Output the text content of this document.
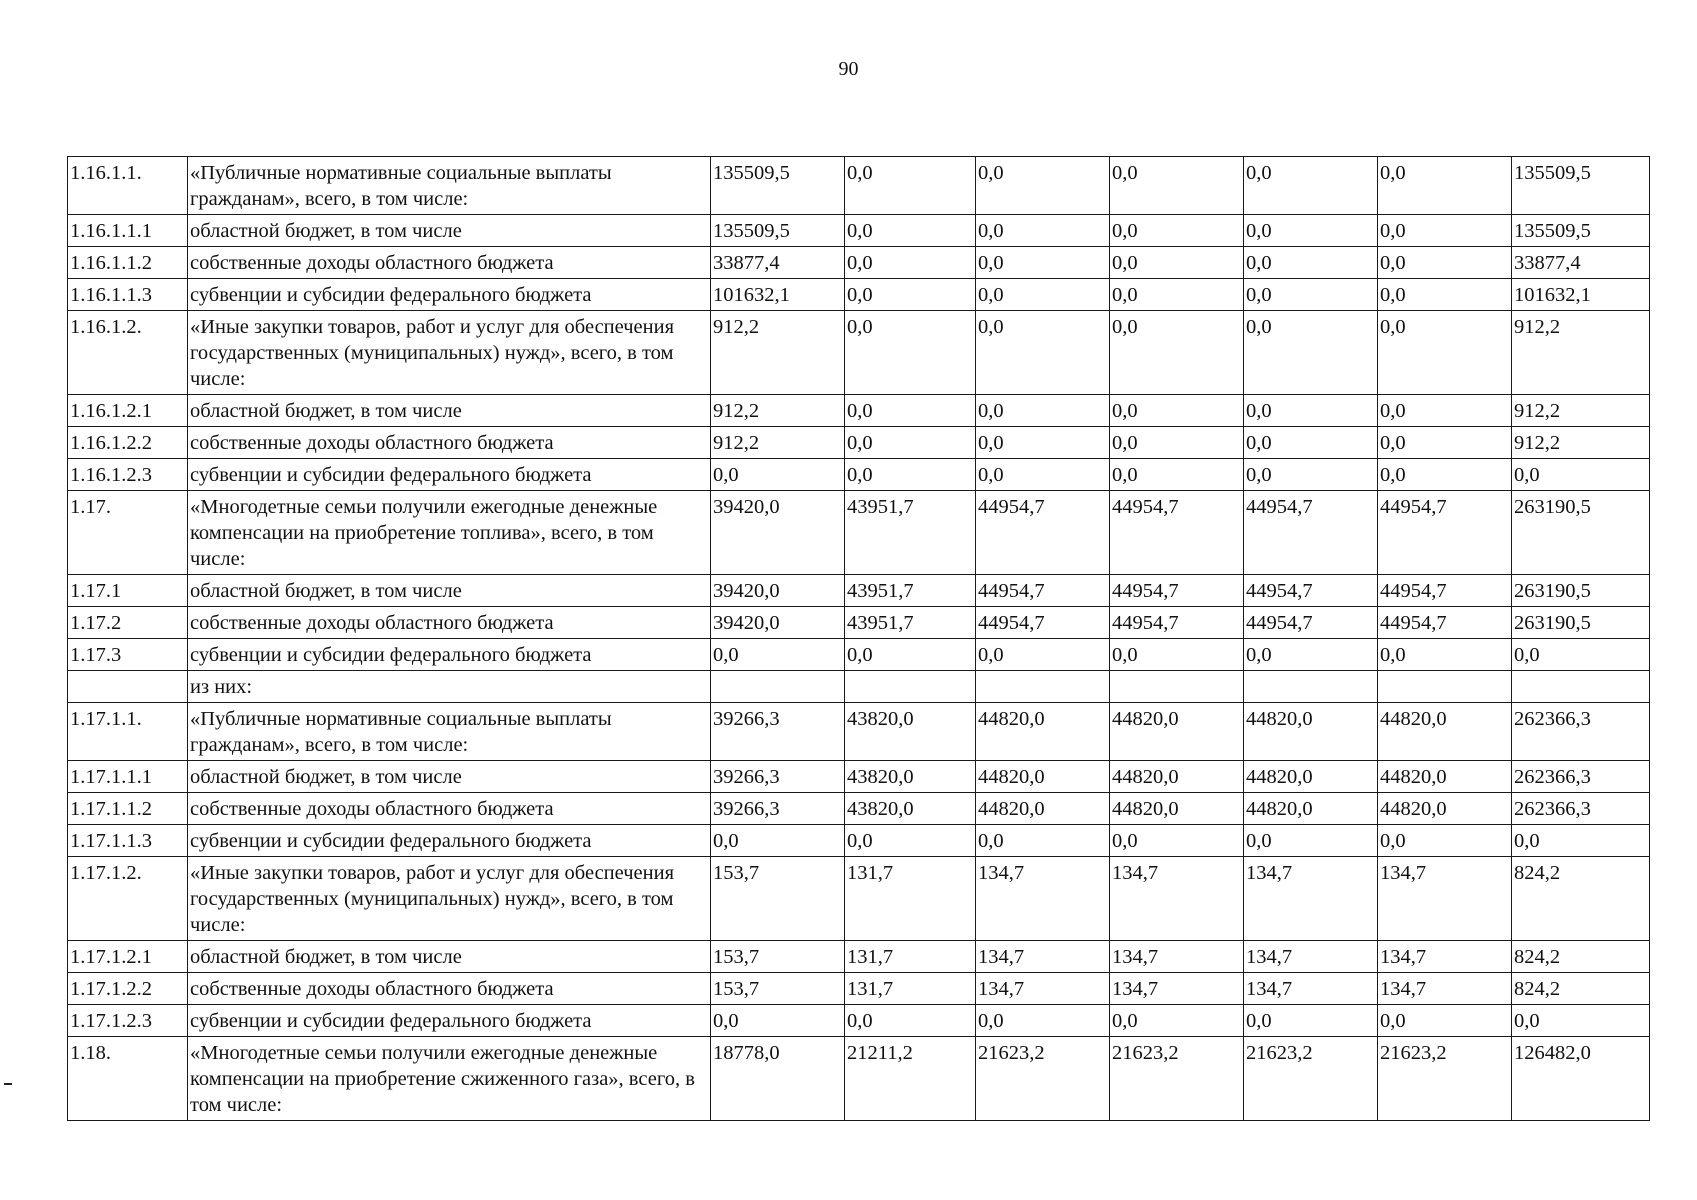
90
1.16.1.1.	«Публичные нормативные социальные выплаты гражданам», всего, в том числе:	135509,5	0,0	0,0	0,0	0,0	0,0	135509,5
1.16.1.1.1	областной бюджет, в том числе	135509,5	0,0	0,0	0,0	0,0	0,0	135509,5
1.16.1.1.2	собственные доходы областного бюджета	33877,4	0,0	0,0	0,0	0,0	0,0	33877,4
1.16.1.1.3	субвенции и субсидии федерального бюджета	101632,1	0,0	0,0	0,0	0,0	0,0	101632,1
1.16.1.2.	«Иные закупки товаров, работ и услуг для обеспечения государственных (муниципальных) нужд», всего, в том числе:	912,2	0,0	0,0	0,0	0,0	0,0	912,2
1.16.1.2.1	областной бюджет, в том числе	912,2	0,0	0,0	0,0	0,0	0,0	912,2
1.16.1.2.2	собственные доходы областного бюджета	912,2	0,0	0,0	0,0	0,0	0,0	912,2
1.16.1.2.3	субвенции и субсидии федерального бюджета	0,0	0,0	0,0	0,0	0,0	0,0	0,0
1.17.	«Многодетные семьи получили ежегодные денежные компенсации на приобретение топлива», всего, в том числе:	39420,0	43951,7	44954,7	44954,7	44954,7	44954,7	263190,5
1.17.1	областной бюджет, в том числе	39420,0	43951,7	44954,7	44954,7	44954,7	44954,7	263190,5
1.17.2	собственные доходы областного бюджета	39420,0	43951,7	44954,7	44954,7	44954,7	44954,7	263190,5
1.17.3	субвенции и субсидии федерального бюджета	0,0	0,0	0,0	0,0	0,0	0,0	0,0
	из них:							
1.17.1.1.	«Публичные нормативные социальные выплаты гражданам», всего, в том числе:	39266,3	43820,0	44820,0	44820,0	44820,0	44820,0	262366,3
1.17.1.1.1	областной бюджет, в том числе	39266,3	43820,0	44820,0	44820,0	44820,0	44820,0	262366,3
1.17.1.1.2	собственные доходы областного бюджета	39266,3	43820,0	44820,0	44820,0	44820,0	44820,0	262366,3
1.17.1.1.3	субвенции и субсидии федерального бюджета	0,0	0,0	0,0	0,0	0,0	0,0	0,0
1.17.1.2.	«Иные закупки товаров, работ и услуг для обеспечения государственных (муниципальных) нужд», всего, в том числе:	153,7	131,7	134,7	134,7	134,7	134,7	824,2
1.17.1.2.1	областной бюджет, в том числе	153,7	131,7	134,7	134,7	134,7	134,7	824,2
1.17.1.2.2	собственные доходы областного бюджета	153,7	131,7	134,7	134,7	134,7	134,7	824,2
1.17.1.2.3	субвенции и субсидии федерального бюджета	0,0	0,0	0,0	0,0	0,0	0,0	0,0
1.18.	«Многодетные семьи получили ежегодные денежные компенсации на приобретение сжиженного газа», всего, в том числе:	18778,0	21211,2	21623,2	21623,2	21623,2	21623,2	126482,0
